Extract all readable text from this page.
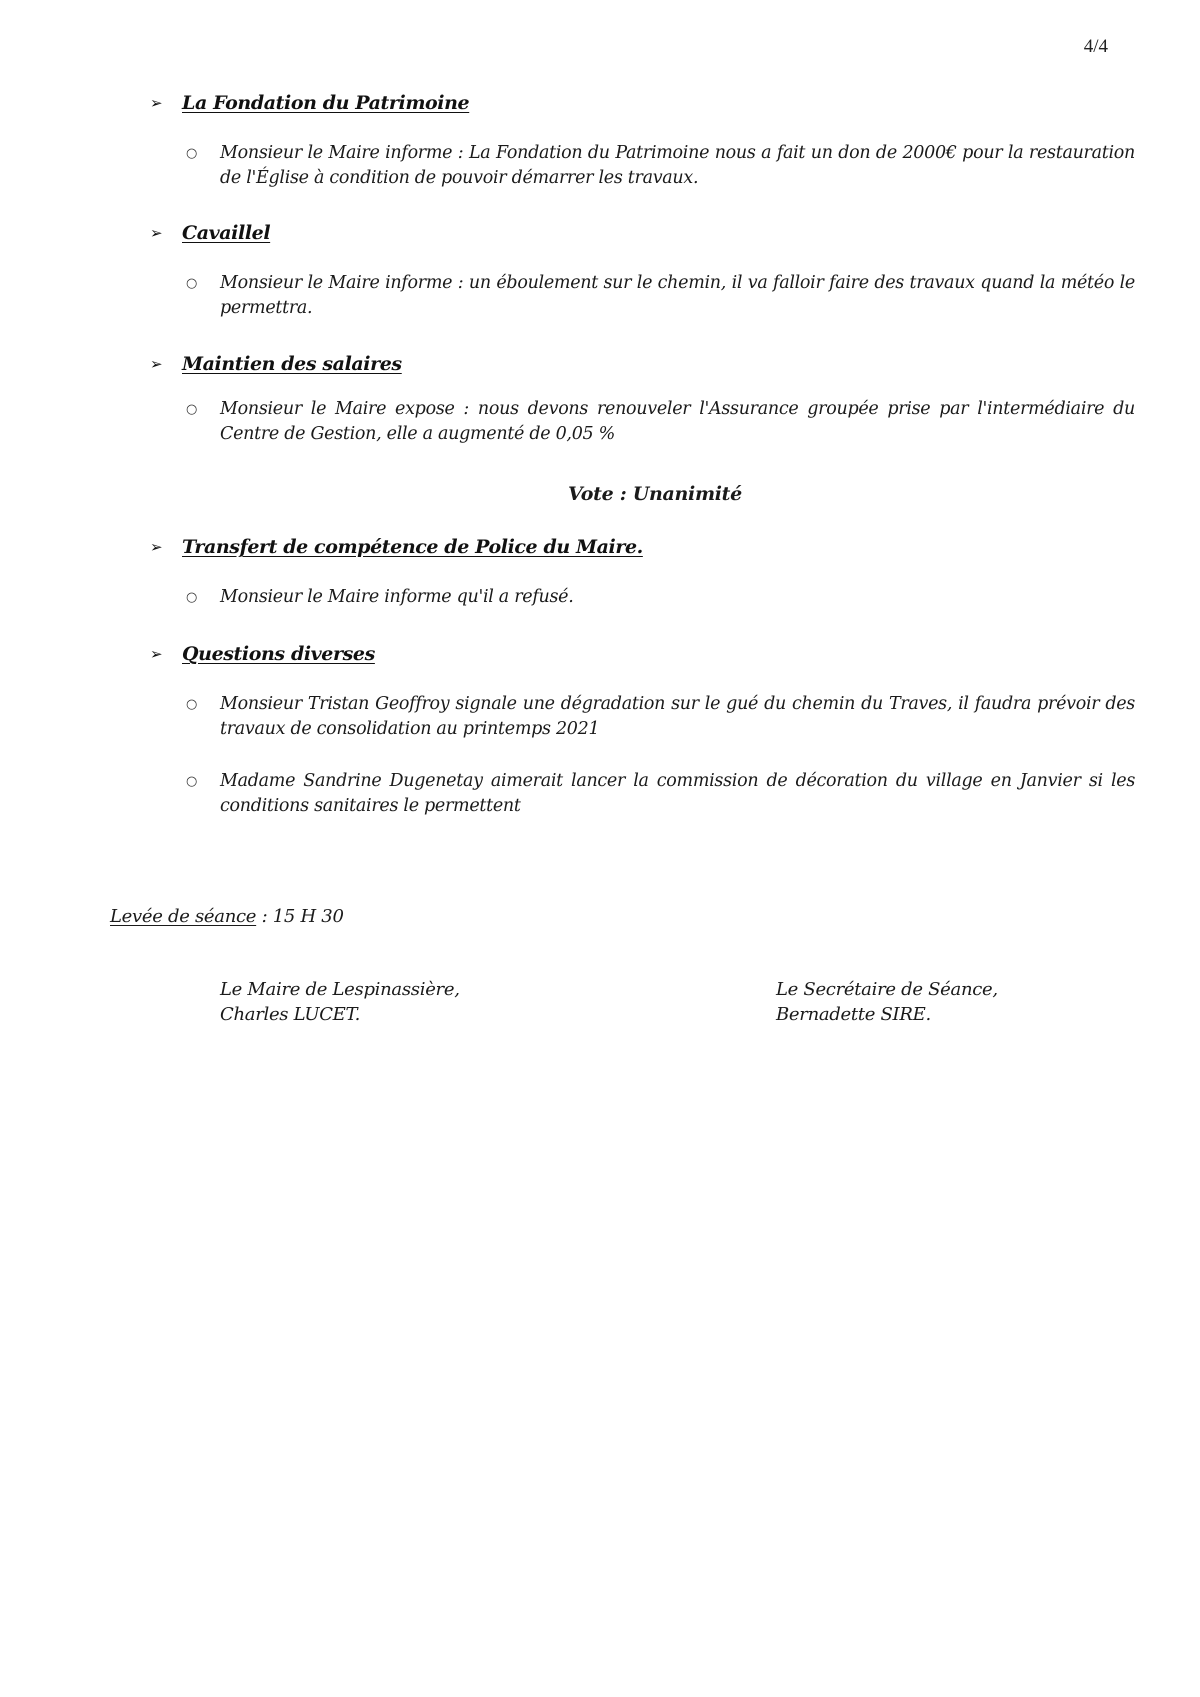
4/4
➢	La Fondation du Patrimoine
○ Monsieur le Maire informe : La Fondation du Patrimoine nous a fait un don de 2000€ pour la restauration de l'Église à condition de pouvoir démarrer les travaux.
➢	Cavaillel
○ Monsieur le Maire informe : un éboulement sur le chemin, il va falloir faire des travaux quand la météo le permettra.
➢	Maintien des salaires
○ Monsieur le Maire expose : nous devons renouveler l'Assurance groupée prise par l'intermédiaire du Centre de Gestion, elle a augmenté de 0,05 %
Vote : Unanimité
➢	Transfert de compétence de Police du Maire.
○ Monsieur le Maire informe qu'il a refusé.
➢	Questions diverses
○ Monsieur Tristan Geoffroy signale une dégradation sur le gué du chemin du Traves, il faudra prévoir des travaux de consolidation au printemps 2021
○ Madame Sandrine Dugenetay aimerait lancer la commission de décoration du village en Janvier si les conditions sanitaires le permettent
Levée de séance : 15 H 30
Le Maire de Lespinassière,
Charles LUCET.
Le Secrétaire de Séance,
Bernadette SIRE.
